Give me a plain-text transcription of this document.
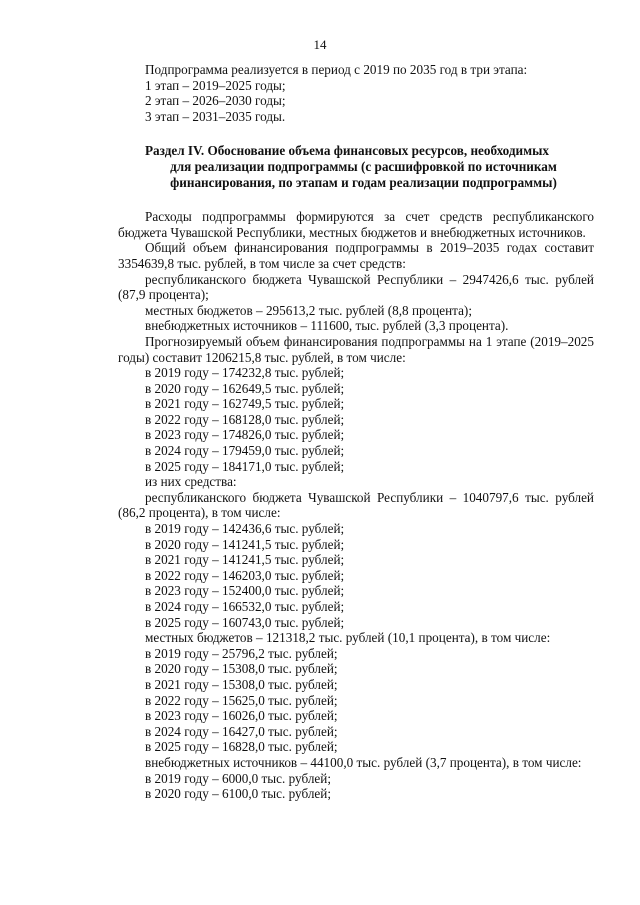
14

Подпрограмма реализуется в период с 2019 по 2035 год в три этапа:

1 этап – 2019–2025 годы;

2 этап – 2026–2030 годы;

3 этап – 2031–2035 годы.

Раздел IV. Обоснование объема финансовых ресурсов, необходимых
для реализации подпрограммы (с расшифровкой по источникам
финансирования, по этапам и годам реализации подпрограммы)

Расходы подпрограммы формируются за счет средств республиканского бюджета Чувашской Республики, местных бюджетов и внебюджетных источников.

Общий объем финансирования подпрограммы в 2019–2035 годах составит 3354639,8 тыс. рублей, в том числе за счет средств:

республиканского бюджета Чувашской Республики – 2947426,6 тыс. рублей (87,9 процента);

местных бюджетов – 295613,2 тыс. рублей (8,8 процента);

внебюджетных источников – 111600, тыс. рублей (3,3 процента).

Прогнозируемый объем финансирования подпрограммы на 1 этапе (2019–2025 годы) составит 1206215,8 тыс. рублей, в том числе:

в 2019 году – 174232,8 тыс. рублей;

в 2020 году – 162649,5 тыс. рублей;

в 2021 году – 162749,5 тыс. рублей;

в 2022 году – 168128,0 тыс. рублей;

в 2023 году – 174826,0 тыс. рублей;

в 2024 году – 179459,0 тыс. рублей;

в 2025 году – 184171,0 тыс. рублей;

из них средства:

республиканского бюджета Чувашской Республики – 1040797,6 тыс. рублей (86,2 процента), в том числе:

в 2019 году – 142436,6 тыс. рублей;

в 2020 году – 141241,5 тыс. рублей;

в 2021 году – 141241,5 тыс. рублей;

в 2022 году – 146203,0 тыс. рублей;

в 2023 году – 152400,0 тыс. рублей;

в 2024 году – 166532,0 тыс. рублей;

в 2025 году – 160743,0 тыс. рублей;

местных бюджетов – 121318,2 тыс. рублей (10,1 процента), в том числе:

в 2019 году – 25796,2 тыс. рублей;

в 2020 году – 15308,0 тыс. рублей;

в 2021 году – 15308,0 тыс. рублей;

в 2022 году – 15625,0 тыс. рублей;

в 2023 году – 16026,0 тыс. рублей;

в 2024 году – 16427,0 тыс. рублей;

в 2025 году – 16828,0 тыс. рублей;

внебюджетных источников – 44100,0 тыс. рублей (3,7 процента), в том числе:

в 2019 году – 6000,0 тыс. рублей;

в 2020 году – 6100,0 тыс. рублей;
